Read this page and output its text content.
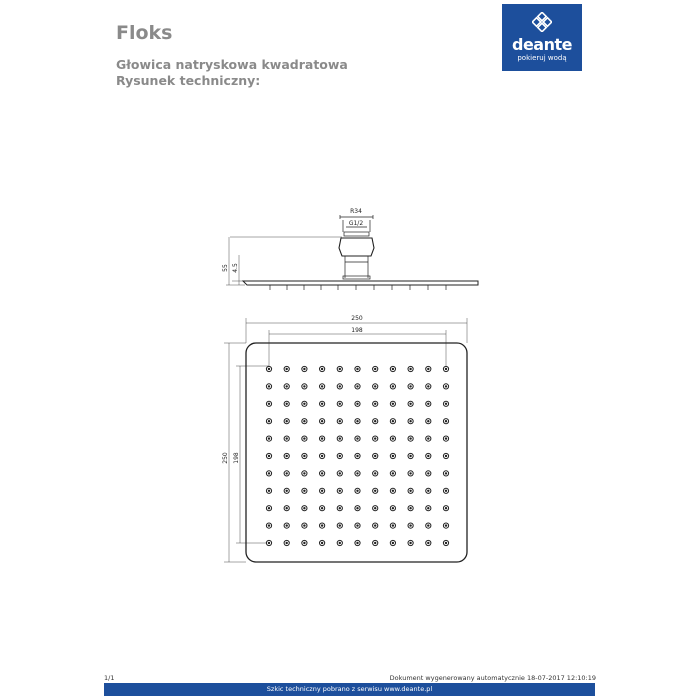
Floks
Głowica natryskowa kwadratowa
Rysunek techniczny:
deante
pokieruj wodą
R34
G1/2
55 4.5
250
198
250 198
1/1	Dokument wygenerowany automatycznie 18-07-2017 12:10:19
Szkic techniczny pobrano z serwisu www.deante.pl
